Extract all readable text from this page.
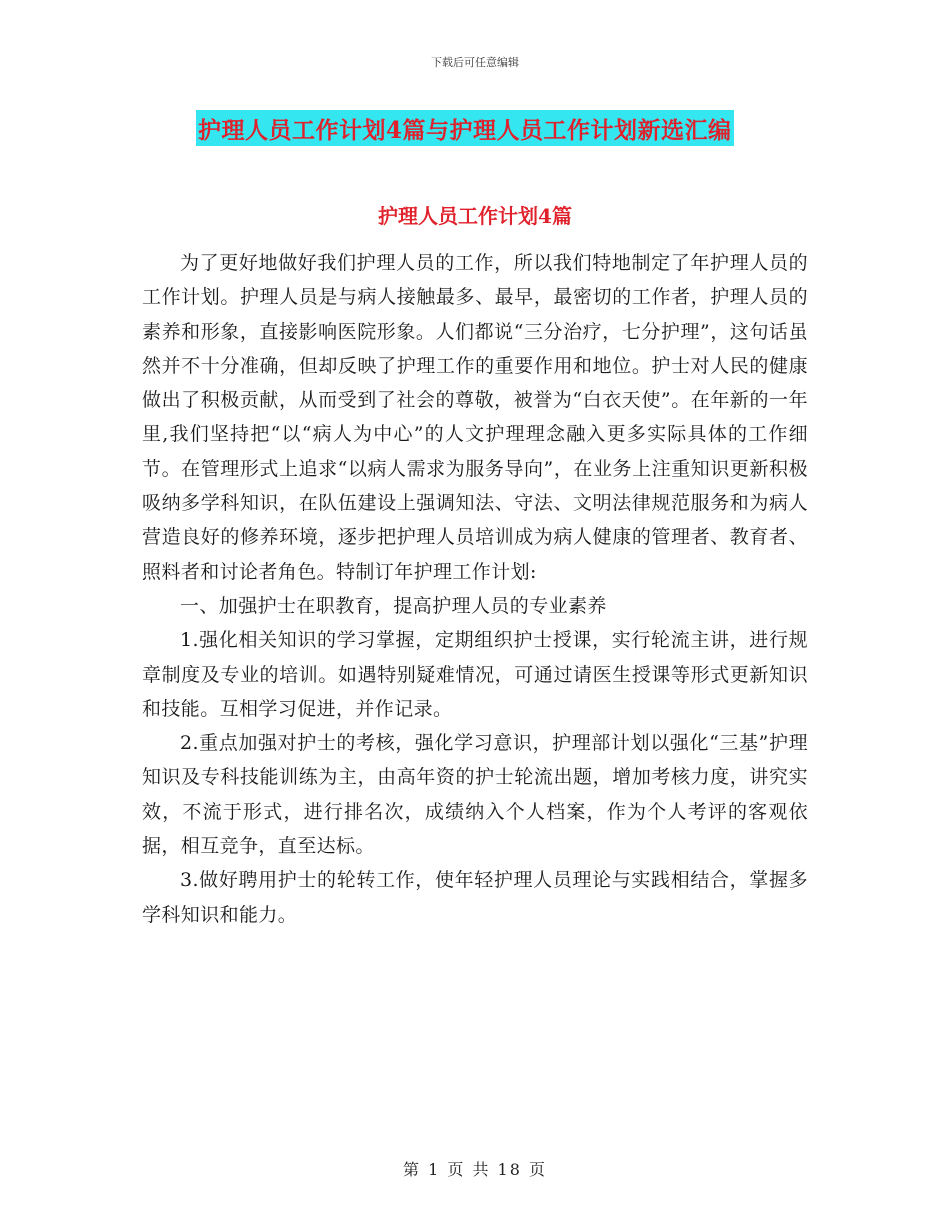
下载后可任意编辑
护理人员工作计划4篇与护理人员工作计划新选汇编
护理人员工作计划4篇

为了更好地做好我们护理人员的工作，所以我们特地制定了年护理人员的工作计划。护理人员是与病人接触最多、最早，最密切的工作者，护理人员的素养和形象，直接影响医院形象。人们都说“三分治疗，七分护理”，这句话虽然并不十分准确，但却反映了护理工作的重要作用和地位。护士对人民的健康做出了积极贡献，从而受到了社会的尊敬，被誉为“白衣天使”。在年新的一年里,我们坚持把“以“病人为中心”的人文护理理念融入更多实际具体的工作细节。在管理形式上追求“以病人需求为服务导向”，在业务上注重知识更新积极吸纳多学科知识，在队伍建设上强调知法、守法、文明法律规范服务和为病人营造良好的修养环境，逐步把护理人员培训成为病人健康的管理者、教育者、照料者和讨论者角色。特制订年护理工作计划:

一、加强护士在职教育，提高护理人员的专业素养

1.强化相关知识的学习掌握，定期组织护士授课，实行轮流主讲，进行规章制度及专业的培训。如遇特别疑难情况，可通过请医生授课等形式更新知识和技能。互相学习促进，并作记录。

2.重点加强对护士的考核，强化学习意识，护理部计划以强化“三基”护理知识及专科技能训练为主，由高年资的护士轮流出题，增加考核力度，讲究实效，不流于形式，进行排名次，成绩纳入个人档案，作为个人考评的客观依据，相互竞争，直至达标。

3.做好聘用护士的轮转工作，使年轻护理人员理论与实践相结合，掌握多学科知识和能力。

第 1 页 共 18 页
